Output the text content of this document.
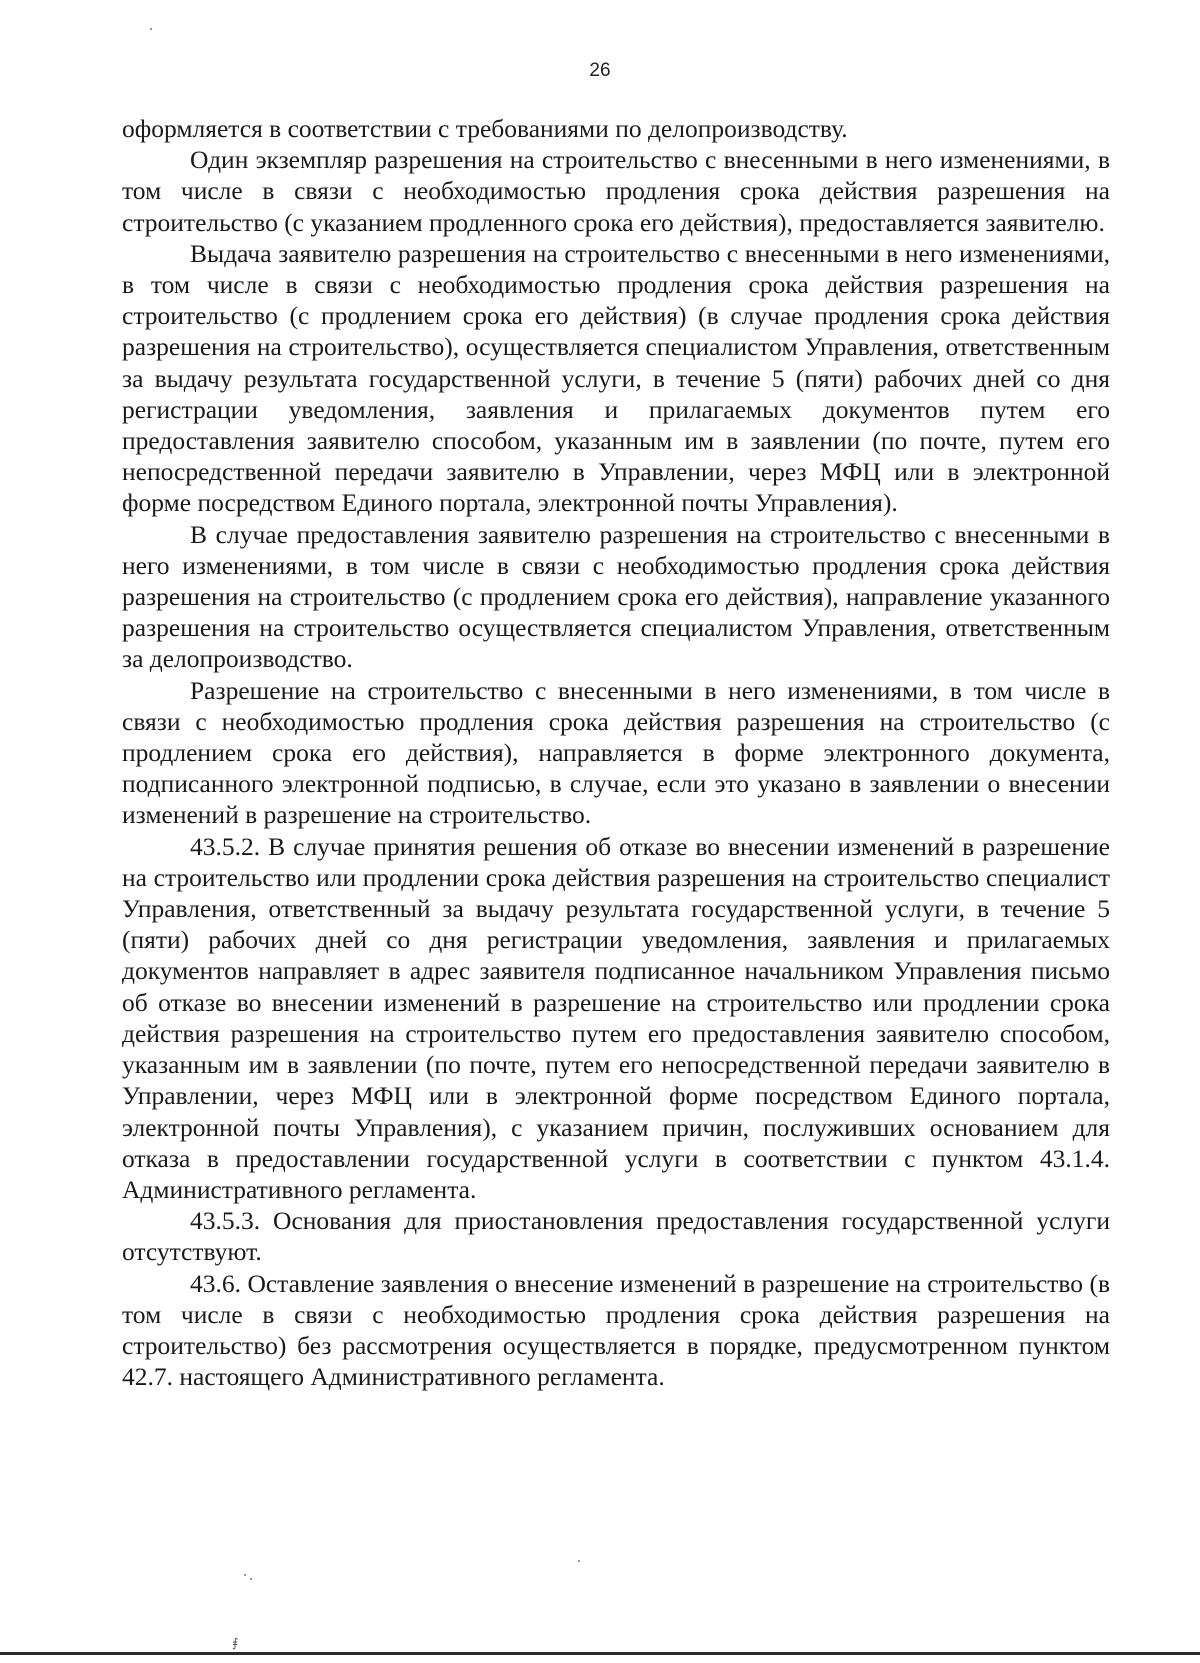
26

оформляется в соответствии с требованиями по делопроизводству.

Один экземпляр разрешения на строительство с внесенными в него изменениями, в том числе в связи с необходимостью продления срока действия разрешения на строительство (с указанием продленного срока его действия), предоставляется заявителю.

Выдача заявителю разрешения на строительство с внесенными в него изменениями, в том числе в связи с необходимостью продления срока действия разрешения на строительство (с продлением срока его действия) (в случае продления срока действия разрешения на строительство), осуществляется специалистом Управления, ответственным за выдачу результата государственной услуги, в течение 5 (пяти) рабочих дней со дня регистрации уведомления, заявления и прилагаемых документов путем его предоставления заявителю способом, указанным им в заявлении (по почте, путем его непосредственной передачи заявителю в Управлении, через МФЦ или в электронной форме посредством Единого портала, электронной почты Управления).

В случае предоставления заявителю разрешения на строительство с внесенными в него изменениями, в том числе в связи с необходимостью продления срока действия разрешения на строительство (с продлением срока его действия), направление указанного разрешения на строительство осуществляется специалистом Управления, ответственным за делопроизводство.

Разрешение на строительство с внесенными в него изменениями, в том числе в связи с необходимостью продления срока действия разрешения на строительство (с продлением срока его действия), направляется в форме электронного документа, подписанного электронной подписью, в случае, если это указано в заявлении о внесении изменений в разрешение на строительство.

43.5.2. В случае принятия решения об отказе во внесении изменений в разрешение на строительство или продлении срока действия разрешения на строительство специалист Управления, ответственный за выдачу результата государственной услуги, в течение 5 (пяти) рабочих дней со дня регистрации уведомления, заявления и прилагаемых документов направляет в адрес заявителя подписанное начальником Управления письмо об отказе во внесении изменений в разрешение на строительство или продлении срока действия разрешения на строительство путем его предоставления заявителю способом, указанным им в заявлении (по почте, путем его непосредственной передачи заявителю в Управлении, через МФЦ или в электронной форме посредством Единого портала, электронной почты Управления), с указанием причин, послуживших основанием для отказа в предоставлении государственной услуги в соответствии с пунктом 43.1.4. Административного регламента.

43.5.3. Основания для приостановления предоставления государственной услуги отсутствуют.

43.6. Оставление заявления о внесение изменений в разрешение на строительство (в том числе в связи с необходимостью продления срока действия разрешения на строительство) без рассмотрения осуществляется в порядке, предусмотренном пунктом 42.7. настоящего Административного регламента.

⨎
